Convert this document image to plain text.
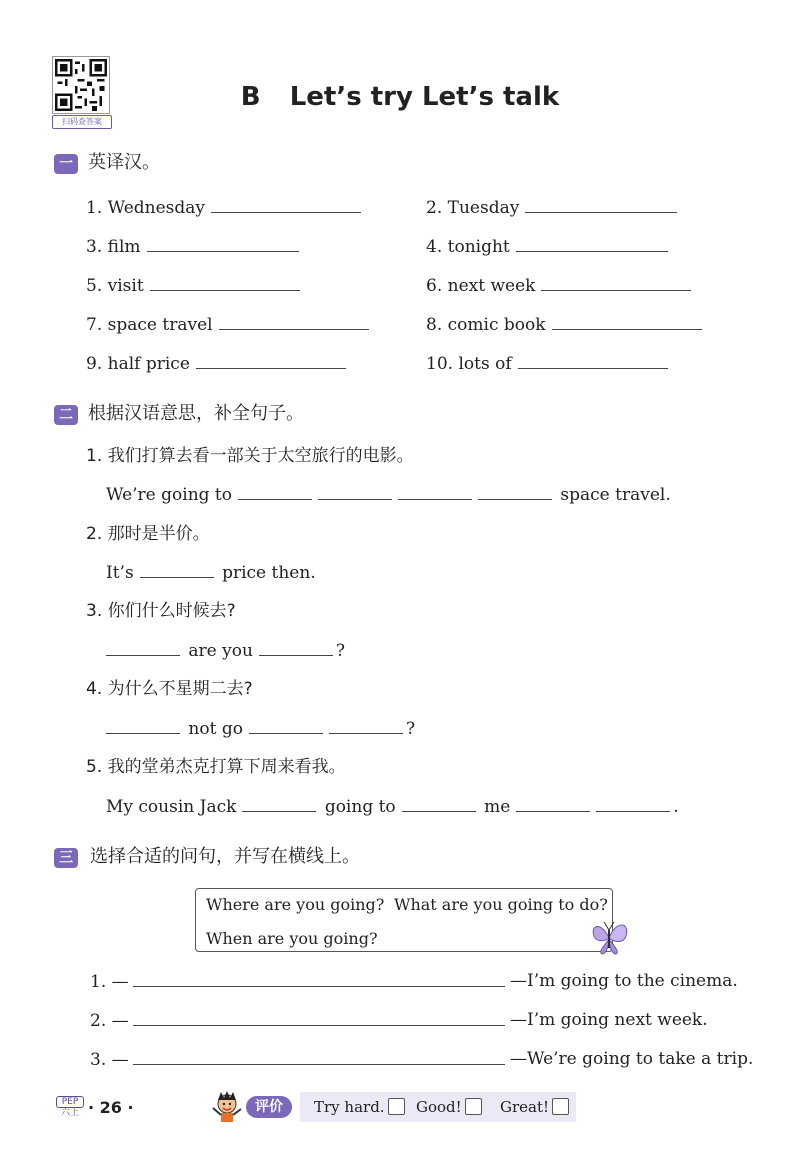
扫码查答案
B Let’s try Let’s talk
一 英译汉。
1. Wednesday	2. Tuesday
3. film	4. tonight
5. visit	6. next week
7. space travel	8. comic book
9. half price	10. lots of
二 根据汉语意思，补全句子。
1. 我们打算去看一部关于太空旅行的电影。
We’re going to	space travel.
2. 那时是半价。
It’s	price then.
3. 你们什么时候去?
are you	?
4. 为什么不星期二去?
not go	?
5. 我的堂弟杰克打算下周来看我。
My cousin Jack	going to	me	.
三 选择合适的问句，并写在横线上。
Where are you going? What are you going to do?
When are you going?
1. —	—I’m going to the cinema.
2. —	—I’m going next week.
3. —	—We’re going to take a trip.
PEP
六上 · 26 ·	评价	Try hard.	Good!	Great!
